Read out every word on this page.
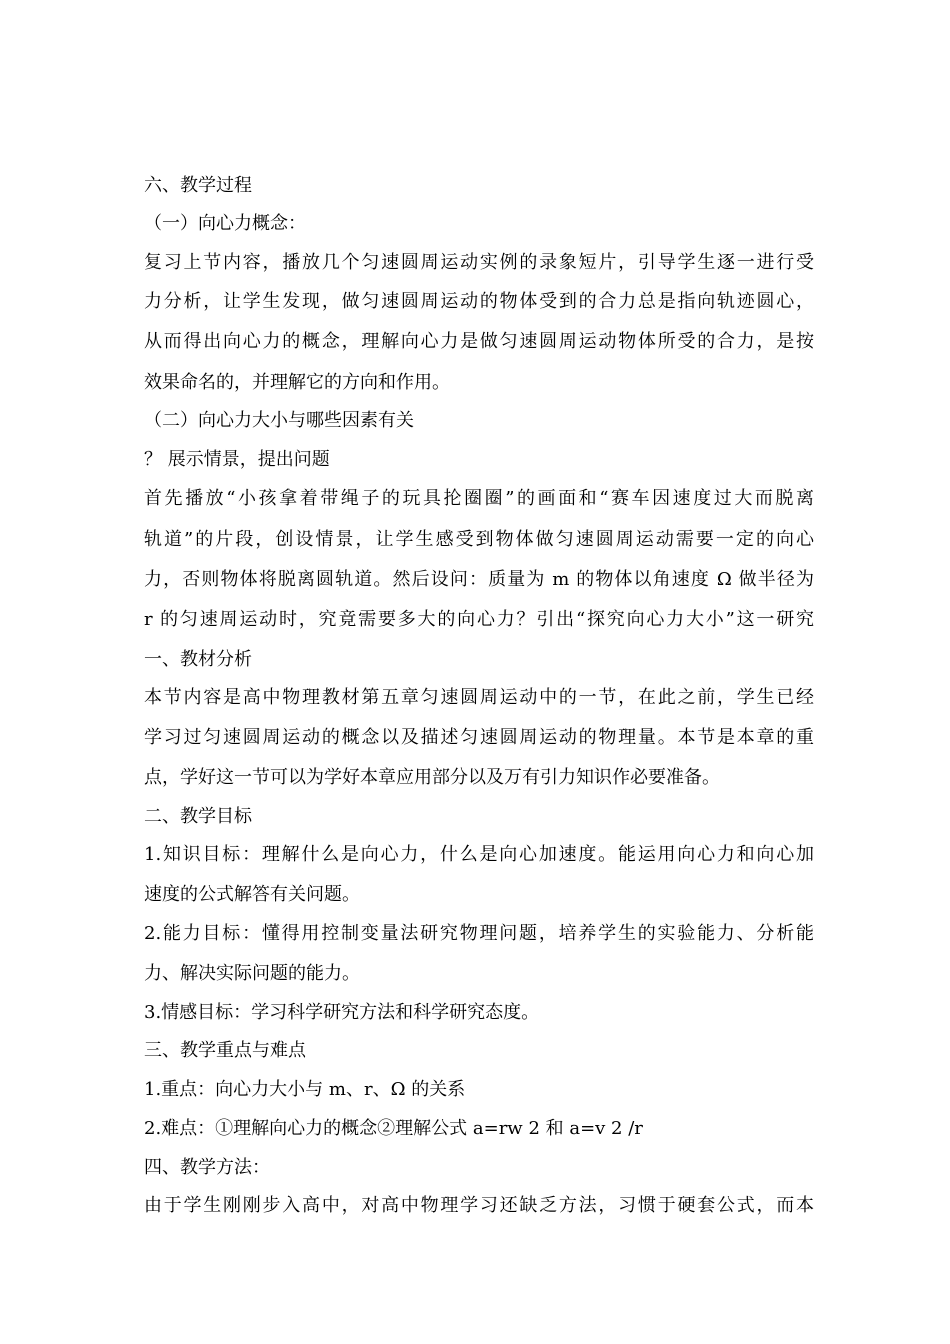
六、教学过程
（一）向心力概念：
复习上节内容，播放几个匀速圆周运动实例的录象短片，引导学生逐一进行受
力分析，让学生发现，做匀速圆周运动的物体受到的合力总是指向轨迹圆心，
从而得出向心力的概念，理解向心力是做匀速圆周运动物体所受的合力，是按
效果命名的，并理解它的方向和作用。
（二）向心力大小与哪些因素有关
？ 展示情景，提出问题
首先播放“小孩拿着带绳子的玩具抡圈圈”的画面和“赛车因速度过大而脱离
轨道”的片段，创设情景，让学生感受到物体做匀速圆周运动需要一定的向心
力，否则物体将脱离圆轨道。然后设问：质量为 m 的物体以角速度 Ω 做半径为
r 的匀速周运动时，究竟需要多大的向心力？引出“探究向心力大小”这一研究
一、教材分析
本节内容是高中物理教材第五章匀速圆周运动中的一节，在此之前，学生已经
学习过匀速圆周运动的概念以及描述匀速圆周运动的物理量。本节是本章的重
点，学好这一节可以为学好本章应用部分以及万有引力知识作必要准备。
二、教学目标
1.知识目标：理解什么是向心力，什么是向心加速度。能运用向心力和向心加
速度的公式解答有关问题。
2.能力目标：懂得用控制变量法研究物理问题，培养学生的实验能力、分析能
力、解决实际问题的能力。
3.情感目标：学习科学研究方法和科学研究态度。
三、教学重点与难点
1.重点：向心力大小与 m、r、Ω 的关系
2.难点：①理解向心力的概念②理解公式 a=rw 2 和 a=v 2 /r
四、教学方法：
由于学生刚刚步入高中，对高中物理学习还缺乏方法，习惯于硬套公式，而本
